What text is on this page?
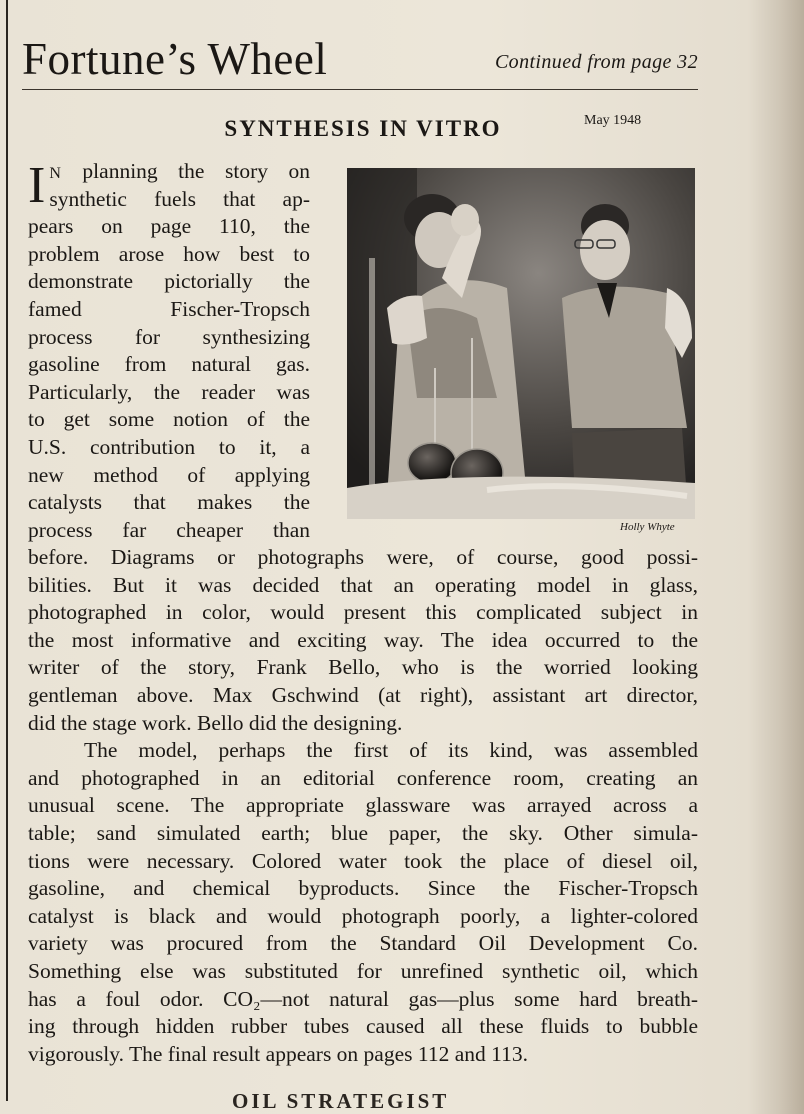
Fortune’s Wheel	Continued from page 32
SYNTHESIS IN VITRO	May 1948
Holly Whyte
I N planning the story on
synthetic fuels that ap-
pears on page 110, the
problem arose how best to
demonstrate pictorially the
famed Fischer-Tropsch
process for synthesizing
gasoline from natural gas.
Particularly, the reader was
to get some notion of the
U.S. contribution to it, a
new method of applying
catalysts that makes the
process far cheaper than
before. Diagrams or photographs were, of course, good possi-
bilities. But it was decided that an operating model in glass,
photographed in color, would present this complicated subject in
the most informative and exciting way. The idea occurred to the
writer of the story, Frank Bello, who is the worried looking
gentleman above. Max Gschwind (at right), assistant art director,
did the stage work. Bello did the designing.
The model, perhaps the first of its kind, was assembled
and photographed in an editorial conference room, creating an
unusual scene. The appropriate glassware was arrayed across a
table; sand simulated earth; blue paper, the sky. Other simula-
tions were necessary. Colored water took the place of diesel oil,
gasoline, and chemical byproducts. Since the Fischer-Tropsch
catalyst is black and would photograph poorly, a lighter-colored
variety was procured from the Standard Oil Development Co.
Something else was substituted for unrefined synthetic oil, which
has a foul odor. CO₂—not natural gas—plus some hard breath-
ing through hidden rubber tubes caused all these fluids to bubble
vigorously. The final result appears on pages 112 and 113.
OIL STRATEGIST
